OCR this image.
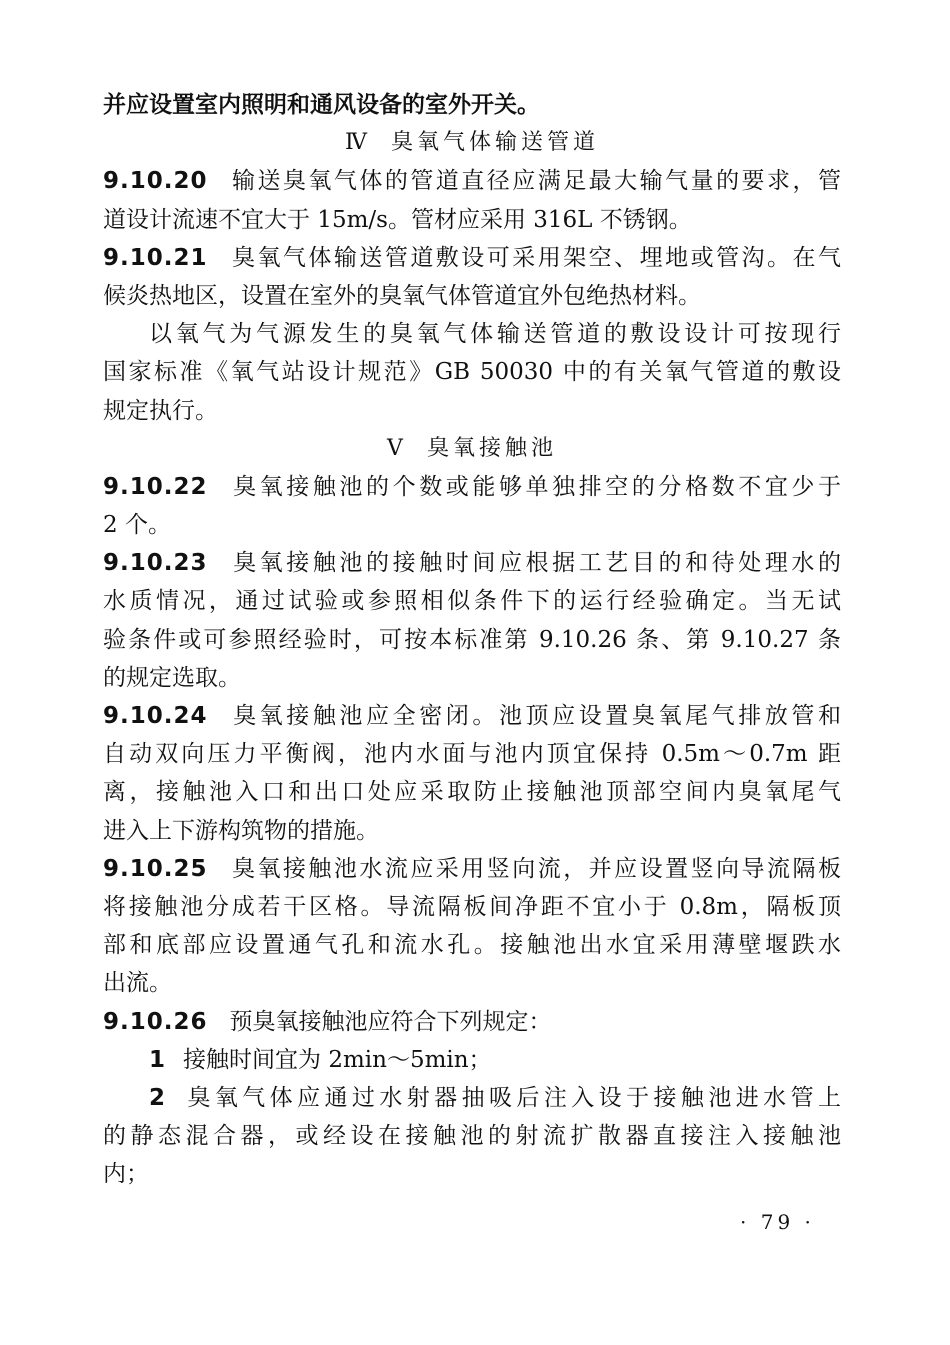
并应设置室内照明和通风设备的室外开关。
Ⅳ 臭氧气体输送管道
9.10.20 输送臭氧气体的管道直径应满足最大输气量的要求，管
道设计流速不宜大于 15m/s。管材应采用 316L 不锈钢。
9.10.21 臭氧气体输送管道敷设可采用架空、埋地或管沟。在气
候炎热地区，设置在室外的臭氧气体管道宜外包绝热材料。
以氧气为气源发生的臭氧气体输送管道的敷设设计可按现行
国家标准《氧气站设计规范》GB 50030 中的有关氧气管道的敷设
规定执行。
Ⅴ 臭氧接触池
9.10.22 臭氧接触池的个数或能够单独排空的分格数不宜少于
2 个。
9.10.23 臭氧接触池的接触时间应根据工艺目的和待处理水的
水质情况，通过试验或参照相似条件下的运行经验确定。当无试
验条件或可参照经验时，可按本标准第 9.10.26 条、第 9.10.27 条
的规定选取。
9.10.24 臭氧接触池应全密闭。池顶应设置臭氧尾气排放管和
自动双向压力平衡阀，池内水面与池内顶宜保持 0.5m～0.7m 距
离，接触池入口和出口处应采取防止接触池顶部空间内臭氧尾气
进入上下游构筑物的措施。
9.10.25 臭氧接触池水流应采用竖向流，并应设置竖向导流隔板
将接触池分成若干区格。导流隔板间净距不宜小于 0.8m，隔板顶
部和底部应设置通气孔和流水孔。接触池出水宜采用薄壁堰跌水
出流。
9.10.26 预臭氧接触池应符合下列规定：
1 接触时间宜为 2min～5min；
2 臭氧气体应通过水射器抽吸后注入设于接触池进水管上
的静态混合器，或经设在接触池的射流扩散器直接注入接触池
内；
· 79 ·
